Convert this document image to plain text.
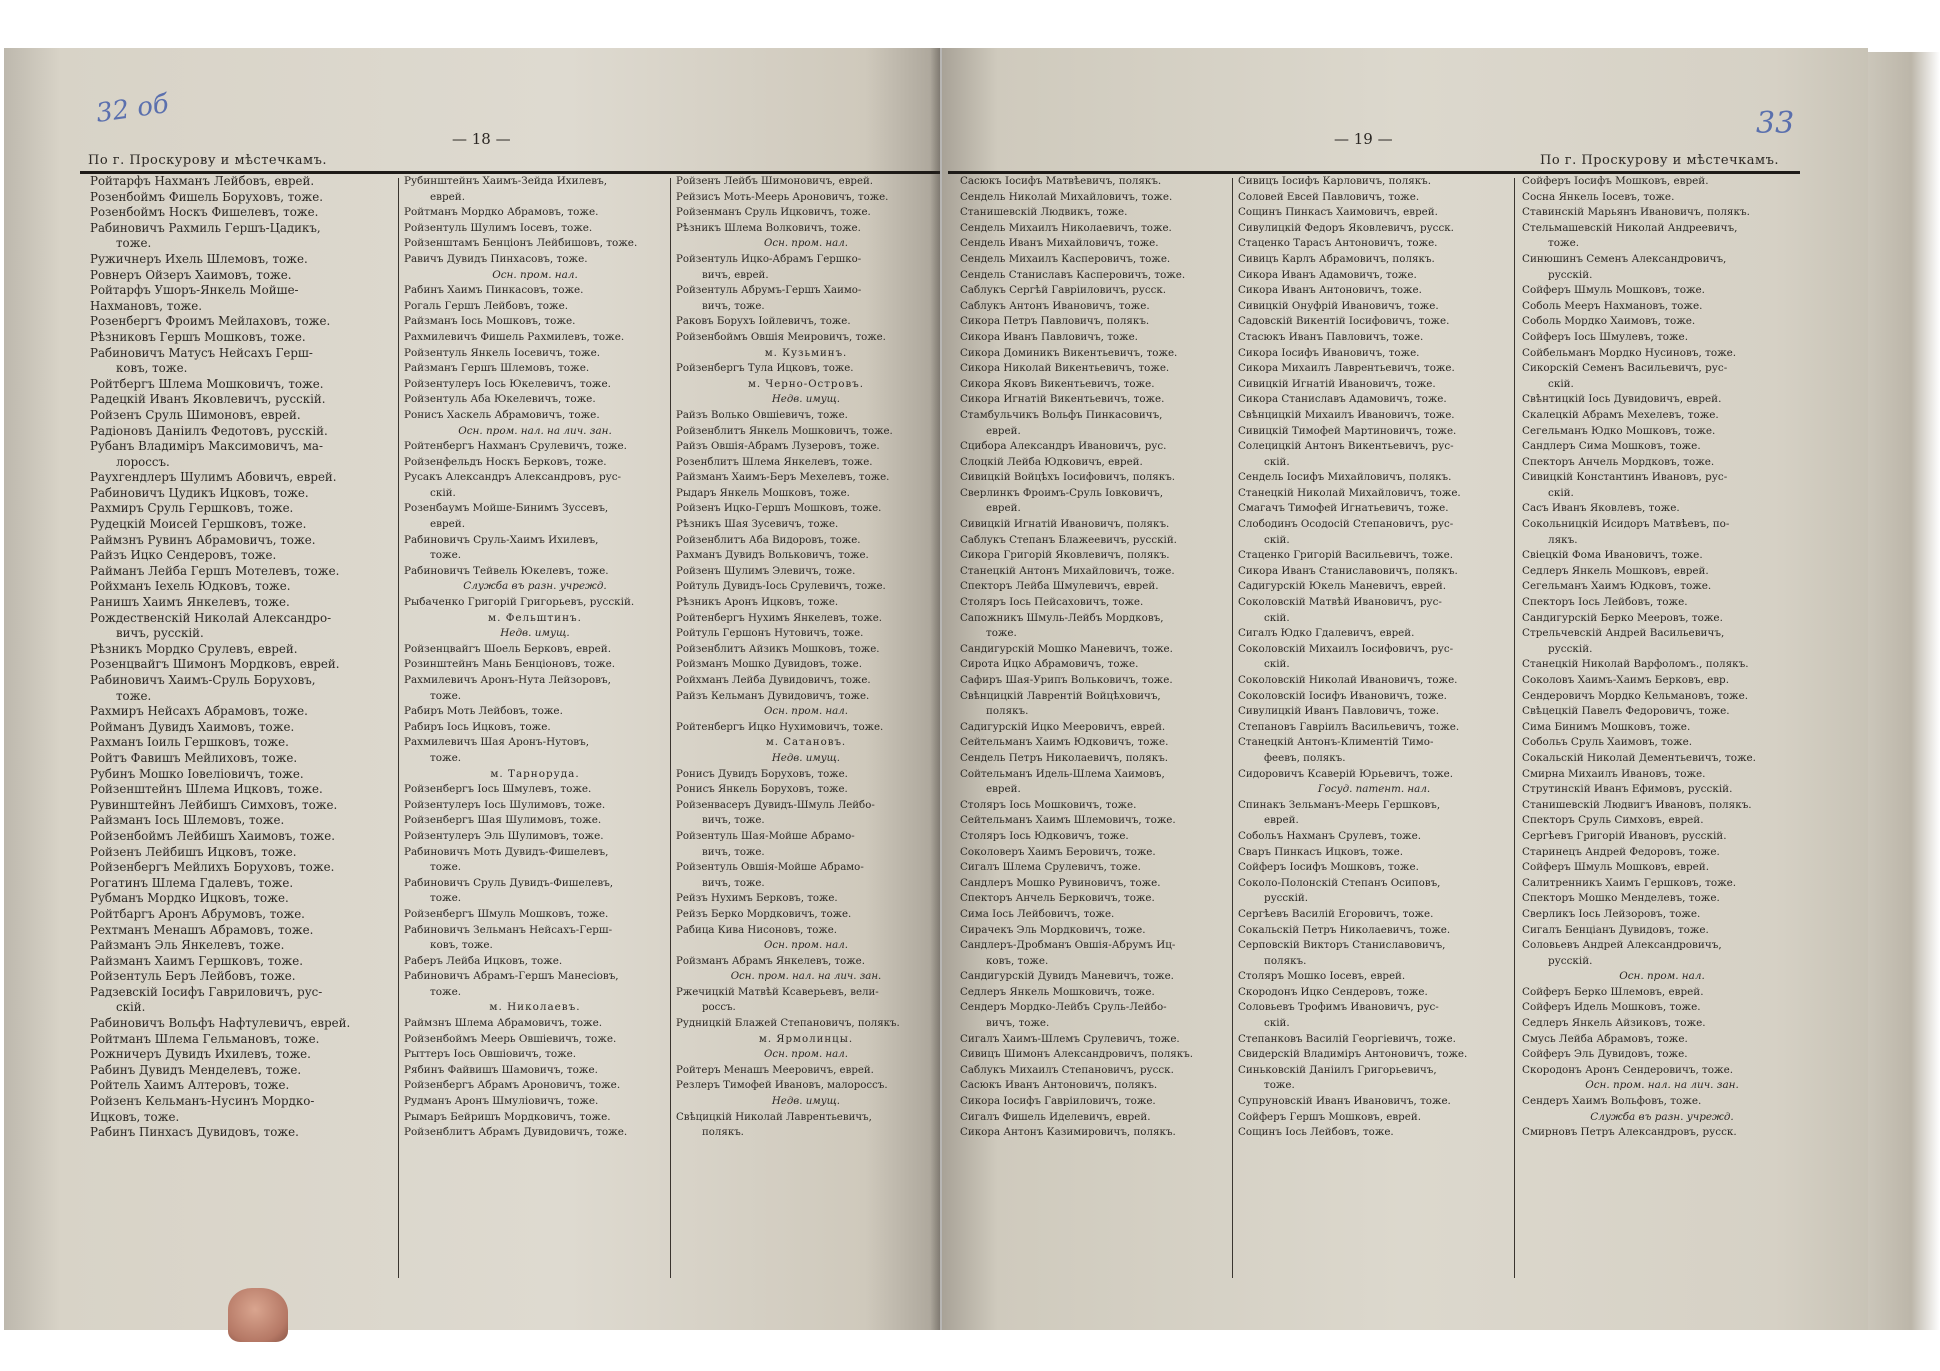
32 об
— 18 —
По г. Проскурову и мѣстечкамъ.
Ройтарфъ Нахманъ Лейбовъ, еврей.
Розенбоймъ Фишель Боруховъ, тоже.
Розенбоймъ Носкъ Фишелевъ, тоже.
Рабиновичъ Рахмиль Гершъ-Цадикъ,
тоже.
Ружичнеръ Ихель Шлемовъ, тоже.
Ровнеръ Ойзеръ Хаимовъ, тоже.
Ройтарфъ Ушоръ-Янкель Мойше-
Нахмановъ, тоже.
Розенбергъ Фроимъ Мейлаховъ, тоже.
Рѣзниковъ Гершъ Мошковъ, тоже.
Рабиновичъ Матусъ Нейсахъ Герш-
ковъ, тоже.
Ройтбергъ Шлема Мошковичъ, тоже.
Радецкій Иванъ Яковлевичъ, русскій.
Ройзенъ Сруль Шимоновъ, еврей.
Радіоновъ Даніилъ Федотовъ, русскій.
Рубанъ Владиміръ Максимовичъ, ма-
лороссъ.
Раухгендлеръ Шулимъ Абовичъ, еврей.
Рабиновичъ Цудикъ Ицковъ, тоже.
Рахмиръ Сруль Гершковъ, тоже.
Рудецкій Моисей Гершковъ, тоже.
Раймзнъ Рувинъ Абрамовичъ, тоже.
Райзъ Ицко Сендеровъ, тоже.
Райманъ Лейба Гершъ Мотелевъ, тоже.
Ройхманъ Іехель Юдковъ, тоже.
Ранишъ Хаимъ Янкелевъ, тоже.
Рождественскій Николай Александро-
вичъ, русскій.
Рѣзникъ Мордко Срулевъ, еврей.
Розенцвайгъ Шимонъ Мордковъ, еврей.
Рабиновичъ Хаимъ-Сруль Боруховъ,
тоже.
Рахмиръ Нейсахъ Абрамовъ, тоже.
Ройманъ Дувидъ Хаимовъ, тоже.
Рахманъ Іоиль Гершковъ, тоже.
Ройтъ Фавишъ Мейлиховъ, тоже.
Рубинъ Мошко Іовеліовичъ, тоже.
Ройзенштейнъ Шлема Ицковъ, тоже.
Рувинштейнъ Лейбишъ Симховъ, тоже.
Райзманъ Іось Шлемовъ, тоже.
Ройзенбоймъ Лейбишъ Хаимовъ, тоже.
Ройзенъ Лейбишъ Ицковъ, тоже.
Ройзенбергъ Мейлихъ Боруховъ, тоже.
Рогатинъ Шлема Гдалевъ, тоже.
Рубманъ Мордко Ицковъ, тоже.
Ройтбаргъ Аронъ Абрумовъ, тоже.
Рехтманъ Менашъ Абрамовъ, тоже.
Райзманъ Эль Янкелевъ, тоже.
Райзманъ Хаимъ Гершковъ, тоже.
Ройзентуль Беръ Лейбовъ, тоже.
Радзевскій Іосифъ Гавриловичъ, рус-
скій.
Рабиновичъ Вольфъ Нафтулевичъ, еврей.
Ройтманъ Шлема Гельмановъ, тоже.
Рожничеръ Дувидъ Ихилевъ, тоже.
Рабинъ Дувидъ Менделевъ, тоже.
Ройтель Хаимъ Алтеровъ, тоже.
Ройзенъ Кельманъ-Нусинъ Мордко-
Ицковъ, тоже.
Рабинъ Пинхасъ Дувидовъ, тоже.
Рубинштейнъ Хаимъ-Зейда Ихилевъ,
еврей.
Ройтманъ Мордко Абрамовъ, тоже.
Ройзентуль Шулимъ Іосевъ, тоже.
Ройзенштамъ Бенціонъ Лейбишовъ, тоже.
Равичъ Дувидъ Пинхасовъ, тоже.
Осн. пром. нал.
Рабинъ Хаимъ Пинкасовъ, тоже.
Рогаль Гершъ Лейбовъ, тоже.
Райзманъ Іось Мошковъ, тоже.
Рахмилевичъ Фишель Рахмилевъ, тоже.
Ройзентуль Янкель Іосевичъ, тоже.
Райзманъ Гершъ Шлемовъ, тоже.
Ройзентулеръ Іось Юкелевичъ, тоже.
Ройзентуль Аба Юкелевичъ, тоже.
Ронисъ Хаскель Абрамовичъ, тоже.
Осн. пром. нал. на лич. зан.
Ройтенбергъ Нахманъ Срулевичъ, тоже.
Ройзенфельдъ Носкъ Берковъ, тоже.
Русакъ Александръ Александровъ, рус-
скій.
Розенбаумъ Мойше-Бинимъ Зуссевъ,
еврей.
Рабиновичъ Сруль-Хаимъ Ихилевъ,
тоже.
Рабиновичъ Тейвель Юкелевъ, тоже.
Служба въ разн. учрежд.
Рыбаченко Григорій Григорьевъ, русскій.
м. Фельштинъ.
Недв. имущ.
Ройзенцвайгъ Шоель Берковъ, еврей.
Розинштейнъ Мань Бенціоновъ, тоже.
Рахмилевичъ Аронъ-Нута Лейзоровъ,
тоже.
Рабиръ Моть Лейбовъ, тоже.
Рабиръ Іось Ицковъ, тоже.
Рахмилевичъ Шая Аронъ-Нутовъ,
тоже.
м. Тарноруда.
Ройзенбергъ Іось Шмулевъ, тоже.
Ройзентулеръ Іось Шулимовъ, тоже.
Ройзенбергъ Шая Шулимовъ, тоже.
Ройзентулеръ Эль Шулимовъ, тоже.
Рабиновичъ Моть Дувидъ-Фишелевъ,
тоже.
Рабиновичъ Сруль Дувидъ-Фишелевъ,
тоже.
Ройзенбергъ Шмуль Мошковъ, тоже.
Рабиновичъ Зельманъ Нейсахъ-Герш-
ковъ, тоже.
Раберъ Лейба Ицковъ, тоже.
Рабиновичъ Абрамъ-Гершъ Манесіовъ,
тоже.
м. Николаевъ.
Раймзнъ Шлема Абрамовичъ, тоже.
Ройзенбоймъ Меерь Овшіевичъ, тоже.
Рыттеръ Іось Овшіовичъ, тоже.
Рябинъ Файвишъ Шамовичъ, тоже.
Ройзенбергъ Абрамъ Ароновичъ, тоже.
Рудманъ Аронъ Шмуліовичъ, тоже.
Рымаръ Бейришъ Мордковичъ, тоже.
Ройзенблитъ Абрамъ Дувидовичъ, тоже.
Ройзенъ Лейбъ Шимоновичъ, еврей.
Рейзисъ Моть-Меерь Ароновичъ, тоже.
Ройзенманъ Сруль Ицковичъ, тоже.
Рѣзникъ Шлема Волковичъ, тоже.
Осн. пром. нал.
Ройзентуль Ицко-Абрамъ Гершко-
вичъ, еврей.
Ройзентуль Абрумъ-Гершъ Хаимо-
вичъ, тоже.
Раковъ Борухъ Іойлевичъ, тоже.
Ройзенбоймъ Овшія Меировичъ, тоже.
м. Кузьминъ.
Ройзенбергъ Тула Ицковъ, тоже.
м. Черно-Островъ.
Недв. имущ.
Райзъ Волько Овшіевичъ, тоже.
Ройзенблитъ Янкель Мошковичъ, тоже.
Райзъ Овшія-Абрамъ Лузеровъ, тоже.
Розенблитъ Шлема Янкелевъ, тоже.
Райзманъ Хаимъ-Беръ Мехелевъ, тоже.
Рыдаръ Янкель Мошковъ, тоже.
Ройзенъ Ицко-Гершъ Мошковъ, тоже.
Рѣзникъ Шая Зусевичъ, тоже.
Ройзенблитъ Аба Видоровъ, тоже.
Рахманъ Дувидъ Вольковичъ, тоже.
Ройзенъ Шулимъ Элевичъ, тоже.
Ройтуль Дувидъ-Іось Срулевичъ, тоже.
Рѣзникъ Аронъ Ицковъ, тоже.
Ройтенбергъ Нухимъ Янкелевъ, тоже.
Ройтуль Гершонъ Нутовичъ, тоже.
Ройзенблитъ Айзикъ Мошковъ, тоже.
Ройзманъ Мошко Дувидовъ, тоже.
Ройхманъ Лейба Дувидовичъ, тоже.
Райзъ Кельманъ Дувидовичъ, тоже.
Осн. пром. нал.
Ройтенбергъ Ицко Нухимовичъ, тоже.
м. Сатановъ.
Недв. имущ.
Ронисъ Дувидъ Боруховъ, тоже.
Ронисъ Янкель Боруховъ, тоже.
Ройзенвасеръ Дувидъ-Шмуль Лейбо-
вичъ, тоже.
Ройзентуль Шая-Мойше Абрамо-
вичъ, тоже.
Ройзентуль Овшія-Мойше Абрамо-
вичъ, тоже.
Рейзъ Нухимъ Берковъ, тоже.
Рейзъ Берко Мордковичъ, тоже.
Рабица Кива Нисоновъ, тоже.
Осн. пром. нал.
Ройзманъ Абрамъ Янкелевъ, тоже.
Осн. пром. нал. на лич. зан.
Ржечицкій Матвѣй Ксаверьевъ, вели-
россъ.
Рудницкій Блажей Степановичъ, полякъ.
м. Ярмолинцы.
Осн. пром. нал.
Ройтеръ Менашъ Мееровичъ, еврей.
Резлеръ Тимофей Ивановъ, малороссъ.
Недв. имущ.
Свѣцицкій Николай Лаврентьевичъ,
полякъ.
33
— 19 —
По г. Проскурову и мѣстечкамъ.
Сасюкъ Іосифъ Матвѣевичъ, полякъ.
Сендель Николай Михайловичъ, тоже.
Станишевскій Людвикъ, тоже.
Сендель Михаилъ Николаевичъ, тоже.
Сендель Иванъ Михайловичъ, тоже.
Сендель Михаилъ Касперовичъ, тоже.
Сендель Станиславъ Касперовичъ, тоже.
Саблукъ Сергѣй Гавріиловичъ, русск.
Саблукъ Антонъ Ивановичъ, тоже.
Сикора Петръ Павловичъ, полякъ.
Сикора Иванъ Павловичъ, тоже.
Сикора Доминикъ Викентьевичъ, тоже.
Сикора Николай Викентьевичъ, тоже.
Сикора Яковъ Викентьевичъ, тоже.
Сикора Игнатій Викентьевичъ, тоже.
Стамбульчикъ Вольфъ Пинкасовичъ,
еврей.
Сцибора Александръ Ивановичъ, рус.
Слоцкій Лейба Юдковичъ, еврей.
Сивицкій Войцѣхъ Іосифовичъ, полякъ.
Сверлинкъ Фроимъ-Сруль Іовковичъ,
еврей.
Сивицкій Игнатій Ивановичъ, полякъ.
Саблукъ Степанъ Блажеевичъ, русскій.
Сикора Григорій Яковлевичъ, полякъ.
Станецкій Антонъ Михайловичъ, тоже.
Спекторъ Лейба Шмулевичъ, еврей.
Столяръ Іось Пейсаховичъ, тоже.
Сапожникъ Шмуль-Лейбъ Мордковъ,
тоже.
Сандигурскій Мошко Маневичъ, тоже.
Сирота Ицко Абрамовичъ, тоже.
Сафиръ Шая-Урипъ Вольковичъ, тоже.
Свѣнцицкій Лаврентій Войцѣховичъ,
полякъ.
Садигурскій Ицко Мееровичъ, еврей.
Сейтельманъ Хаимъ Юдковичъ, тоже.
Сендель Петръ Николаевичъ, полякъ.
Сойтельманъ Идель-Шлема Хаимовъ,
еврей.
Столяръ Іось Мошковичъ, тоже.
Сейтельманъ Хаимъ Шлемовичъ, тоже.
Столяръ Іось Юдковичъ, тоже.
Соколоверъ Хаимъ Беровичъ, тоже.
Сигалъ Шлема Срулевичъ, тоже.
Сандлеръ Мошко Рувиновичъ, тоже.
Спекторъ Анчель Берковичъ, тоже.
Сима Іось Лейбовичъ, тоже.
Сирачекъ Эль Мордковичъ, тоже.
Сандлеръ-Дробманъ Овшія-Абрумъ Иц-
ковъ, тоже.
Сандигурскій Дувидъ Маневичъ, тоже.
Седлеръ Янкель Мошковичъ, тоже.
Сендеръ Мордко-Лейбъ Сруль-Лейбо-
вичъ, тоже.
Сигалъ Хаимъ-Шлемъ Срулевичъ, тоже.
Сивицъ Шимонъ Александровичъ, полякъ.
Саблукъ Михаилъ Степановичъ, русск.
Сасюкъ Иванъ Антоновичъ, полякъ.
Сикора Іосифъ Гавріиловичъ, тоже.
Сигалъ Фишель Иделевичъ, еврей.
Сикора Антонъ Казимировичъ, полякъ.
Сивицъ Іосифъ Карловичъ, полякъ.
Соловей Евсей Павловичъ, тоже.
Сощинъ Пинкасъ Хаимовичъ, еврей.
Сивулицкій Федоръ Яковлевичъ, русск.
Стаценко Тарасъ Антоновичъ, тоже.
Сивицъ Карлъ Абрамовичъ, полякъ.
Сикора Иванъ Адамовичъ, тоже.
Сикора Иванъ Антоновичъ, тоже.
Сивицкій Онуфрій Ивановичъ, тоже.
Садовскій Викентій Іосифовичъ, тоже.
Стасюкъ Иванъ Павловичъ, тоже.
Сикора Іосифъ Ивановичъ, тоже.
Сикора Михаилъ Лаврентьевичъ, тоже.
Сивицкій Игнатій Ивановичъ, тоже.
Сикора Станиславъ Адамовичъ, тоже.
Свѣнцицкій Михаилъ Ивановичъ, тоже.
Сивицкій Тимофей Мартиновичъ, тоже.
Солецицкій Антонъ Викентьевичъ, рус-
скій.
Сендель Іосифъ Михайловичъ, полякъ.
Станецкій Николай Михайловичъ, тоже.
Смагачъ Тимофей Игнатьевичъ, тоже.
Слободинъ Осодосій Степановичъ, рус-
скій.
Стаценко Григорій Васильевичъ, тоже.
Сикора Иванъ Станиславовичъ, полякъ.
Садигурскій Юкель Маневичъ, еврей.
Соколовскій Матвѣй Ивановичъ, рус-
скій.
Сигалъ Юдко Гдалевичъ, еврей.
Соколовскій Михаилъ Іосифовичъ, рус-
скій.
Соколовскій Николай Ивановичъ, тоже.
Соколовскій Іосифъ Ивановичъ, тоже.
Сивулицкій Иванъ Павловичъ, тоже.
Степановъ Гавріилъ Васильевичъ, тоже.
Станецкій Антонъ-Климентій Тимо-
феевъ, полякъ.
Сидоровичъ Ксаверій Юрьевичъ, тоже.
Госуд. патент. нал.
Спинакъ Зельманъ-Меерь Гершковъ,
еврей.
Собольъ Нахманъ Срулевъ, тоже.
Сваръ Пинкасъ Ицковъ, тоже.
Сойферъ Іосифъ Мошковъ, тоже.
Соколо-Полонскій Степанъ Осиповъ,
русскій.
Сергѣевъ Василій Егоровичъ, тоже.
Сокальскій Петръ Николаевичъ, тоже.
Серповскій Викторъ Станиславовичъ,
полякъ.
Столяръ Мошко Іосевъ, еврей.
Скородонъ Ицко Сендеровъ, тоже.
Соловьевъ Трофимъ Ивановичъ, рус-
скій.
Степанковъ Василій Георгіевичъ, тоже.
Свидерскій Владиміръ Антоновичъ, тоже.
Синьковскій Даніилъ Григорьевичъ,
тоже.
Супруновскій Иванъ Ивановичъ, тоже.
Сойферъ Гершъ Мошковъ, еврей.
Сощинъ Іось Лейбовъ, тоже.
Сойферъ Іосифъ Мошковъ, еврей.
Сосна Янкель Іосевъ, тоже.
Ставинскій Марьянъ Ивановичъ, полякъ.
Стельмашевскій Николай Андреевичъ,
тоже.
Синюшинъ Семенъ Александровичъ,
русскій.
Сойферъ Шмуль Мошковъ, тоже.
Соболь Мееръ Нахмановъ, тоже.
Соболь Мордко Хаимовъ, тоже.
Сойферъ Іось Шмулевъ, тоже.
Сойбельманъ Мордко Нусиновъ, тоже.
Сикорскій Семенъ Васильевичъ, рус-
скій.
Свѣнтицкій Іось Дувидовичъ, еврей.
Скалецкій Абрамъ Мехелевъ, тоже.
Сегельманъ Юдко Мошковъ, тоже.
Сандлеръ Сима Мошковъ, тоже.
Спекторъ Анчель Мордковъ, тоже.
Сивицкій Константинъ Ивановъ, рус-
скій.
Сасъ Иванъ Яковлевъ, тоже.
Сокольницкій Исидоръ Матвѣевъ, по-
лякъ.
Свіецкій Фома Ивановичъ, тоже.
Седлеръ Янкель Мошковъ, еврей.
Сегельманъ Хаимъ Юдковъ, тоже.
Спекторъ Іось Лейбовъ, тоже.
Сандигурскій Берко Мееровъ, тоже.
Стрельчевскій Андрей Васильевичъ,
русскій.
Станецкій Николай Варфоломъ., полякъ.
Соколовъ Хаимъ-Хаимъ Берковъ, евр.
Сендеровичъ Мордко Кельмановъ, тоже.
Свѣцецкій Павелъ Федоровичъ, тоже.
Сима Бинимъ Мошковъ, тоже.
Собольъ Сруль Хаимовъ, тоже.
Сокальскій Николай Дементьевичъ, тоже.
Смирна Михаилъ Ивановъ, тоже.
Струтинскій Иванъ Ефимовъ, русскій.
Станишевскій Людвигъ Ивановъ, полякъ.
Спекторъ Сруль Симховъ, еврей.
Сергѣевъ Григорій Ивановъ, русскій.
Старинецъ Андрей Федоровъ, тоже.
Сойферъ Шмуль Мошковъ, еврей.
Салитренникъ Хаимъ Гершковъ, тоже.
Спекторъ Мошко Менделевъ, тоже.
Сверликъ Іось Лейзоровъ, тоже.
Сигалъ Бенціанъ Дувидовъ, тоже.
Соловьевъ Андрей Александровичъ,
русскій.
Осн. пром. нал.
Сойферъ Берко Шлемовъ, еврей.
Сойферъ Идель Мошковъ, тоже.
Седлеръ Янкель Айзиковъ, тоже.
Смусь Лейба Абрамовъ, тоже.
Сойферъ Эль Дувидовъ, тоже.
Скородонъ Аронъ Сендеровичъ, тоже.
Осн. пром. нал. на лич. зан.
Сендеръ Хаимъ Вольфовъ, тоже.
Служба въ разн. учрежд.
Смирновъ Петръ Александровъ, русск.
